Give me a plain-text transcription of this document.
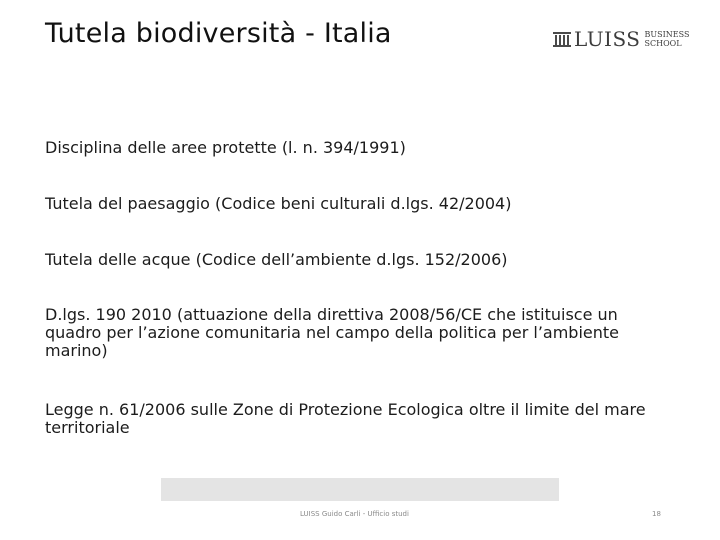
Tutela biodiversità - Italia	LUISS BUSINESS
SCHOOL
Disciplina delle aree protette (l. n. 394/1991)
Tutela del paesaggio (Codice beni culturali d.lgs. 42/2004)
Tutela delle acque (Codice dell’ambiente d.lgs. 152/2006)
D.lgs. 190 2010 (attuazione della direttiva 2008/56/CE che istituisce un quadro per l’azione comunitaria nel campo della politica per l’ambiente marino)
Legge n. 61/2006 sulle Zone di Protezione Ecologica oltre il limite del mare territoriale
LUISS Guido Carli - Ufficio studi	18
